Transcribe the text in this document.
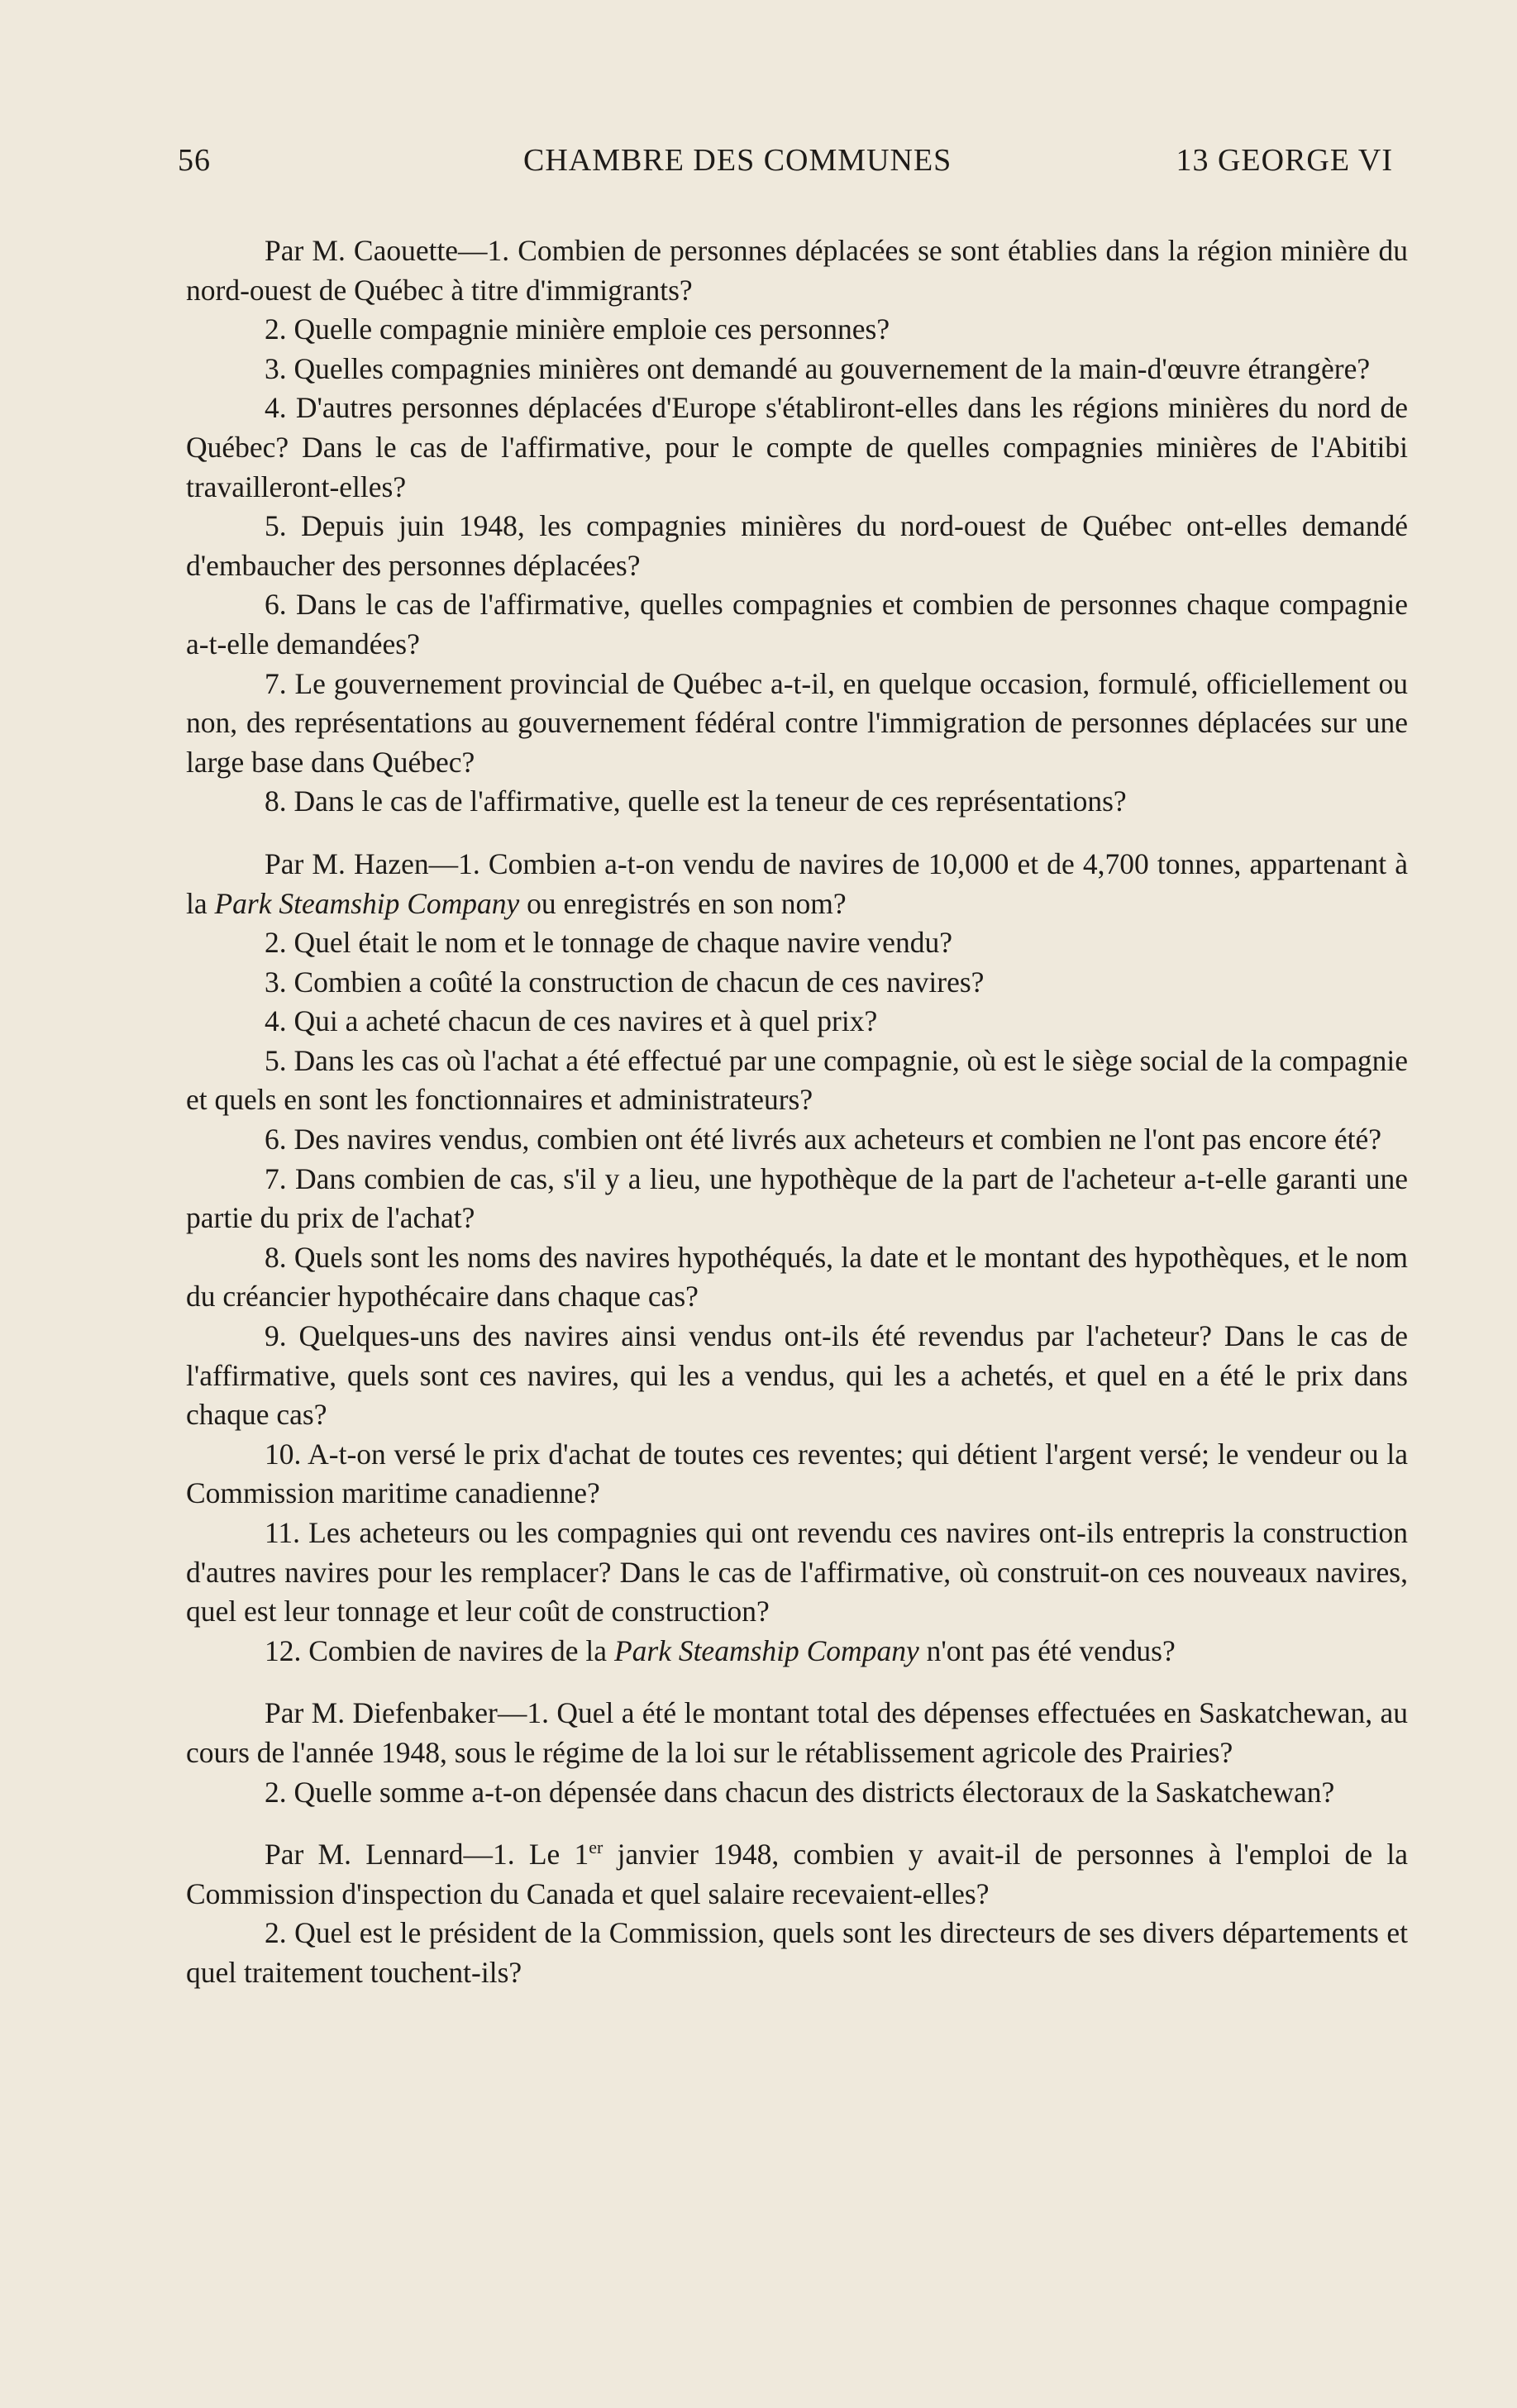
56	CHAMBRE DES COMMUNES	13 GEORGE VI

Par M. Caouette—1. Combien de personnes déplacées se sont établies dans la région minière du nord-ouest de Québec à titre d'immigrants?

2. Quelle compagnie minière emploie ces personnes?

3. Quelles compagnies minières ont demandé au gouvernement de la main-d'œuvre étrangère?

4. D'autres personnes déplacées d'Europe s'établiront-elles dans les régions minières du nord de Québec? Dans le cas de l'affirmative, pour le compte de quelles compagnies minières de l'Abitibi travailleront-elles?

5. Depuis juin 1948, les compagnies minières du nord-ouest de Québec ont-elles demandé d'embaucher des personnes déplacées?

6. Dans le cas de l'affirmative, quelles compagnies et combien de personnes chaque compagnie a-t-elle demandées?

7. Le gouvernement provincial de Québec a-t-il, en quelque occasion, formulé, officiellement ou non, des représentations au gouvernement fédéral contre l'immigration de personnes déplacées sur une large base dans Québec?

8. Dans le cas de l'affirmative, quelle est la teneur de ces représentations?

Par M. Hazen—1. Combien a-t-on vendu de navires de 10,000 et de 4,700 tonnes, appartenant à la Park Steamship Company ou enregistrés en son nom?

2. Quel était le nom et le tonnage de chaque navire vendu?

3. Combien a coûté la construction de chacun de ces navires?

4. Qui a acheté chacun de ces navires et à quel prix?

5. Dans les cas où l'achat a été effectué par une compagnie, où est le siège social de la compagnie et quels en sont les fonctionnaires et administrateurs?

6. Des navires vendus, combien ont été livrés aux acheteurs et combien ne l'ont pas encore été?

7. Dans combien de cas, s'il y a lieu, une hypothèque de la part de l'acheteur a-t-elle garanti une partie du prix de l'achat?

8. Quels sont les noms des navires hypothéqués, la date et le montant des hypothèques, et le nom du créancier hypothécaire dans chaque cas?

9. Quelques-uns des navires ainsi vendus ont-ils été revendus par l'acheteur? Dans le cas de l'affirmative, quels sont ces navires, qui les a vendus, qui les a achetés, et quel en a été le prix dans chaque cas?

10. A-t-on versé le prix d'achat de toutes ces reventes; qui détient l'argent versé; le vendeur ou la Commission maritime canadienne?

11. Les acheteurs ou les compagnies qui ont revendu ces navires ont-ils entrepris la construction d'autres navires pour les remplacer? Dans le cas de l'affirmative, où construit-on ces nouveaux navires, quel est leur tonnage et leur coût de construction?

12. Combien de navires de la Park Steamship Company n'ont pas été vendus?

Par M. Diefenbaker—1. Quel a été le montant total des dépenses effectuées en Saskatchewan, au cours de l'année 1948, sous le régime de la loi sur le rétablissement agricole des Prairies?

2. Quelle somme a-t-on dépensée dans chacun des districts électoraux de la Saskatchewan?

Par M. Lennard—1. Le 1er janvier 1948, combien y avait-il de personnes à l'emploi de la Commission d'inspection du Canada et quel salaire recevaient-elles?

2. Quel est le président de la Commission, quels sont les directeurs de ses divers départements et quel traitement touchent-ils?
